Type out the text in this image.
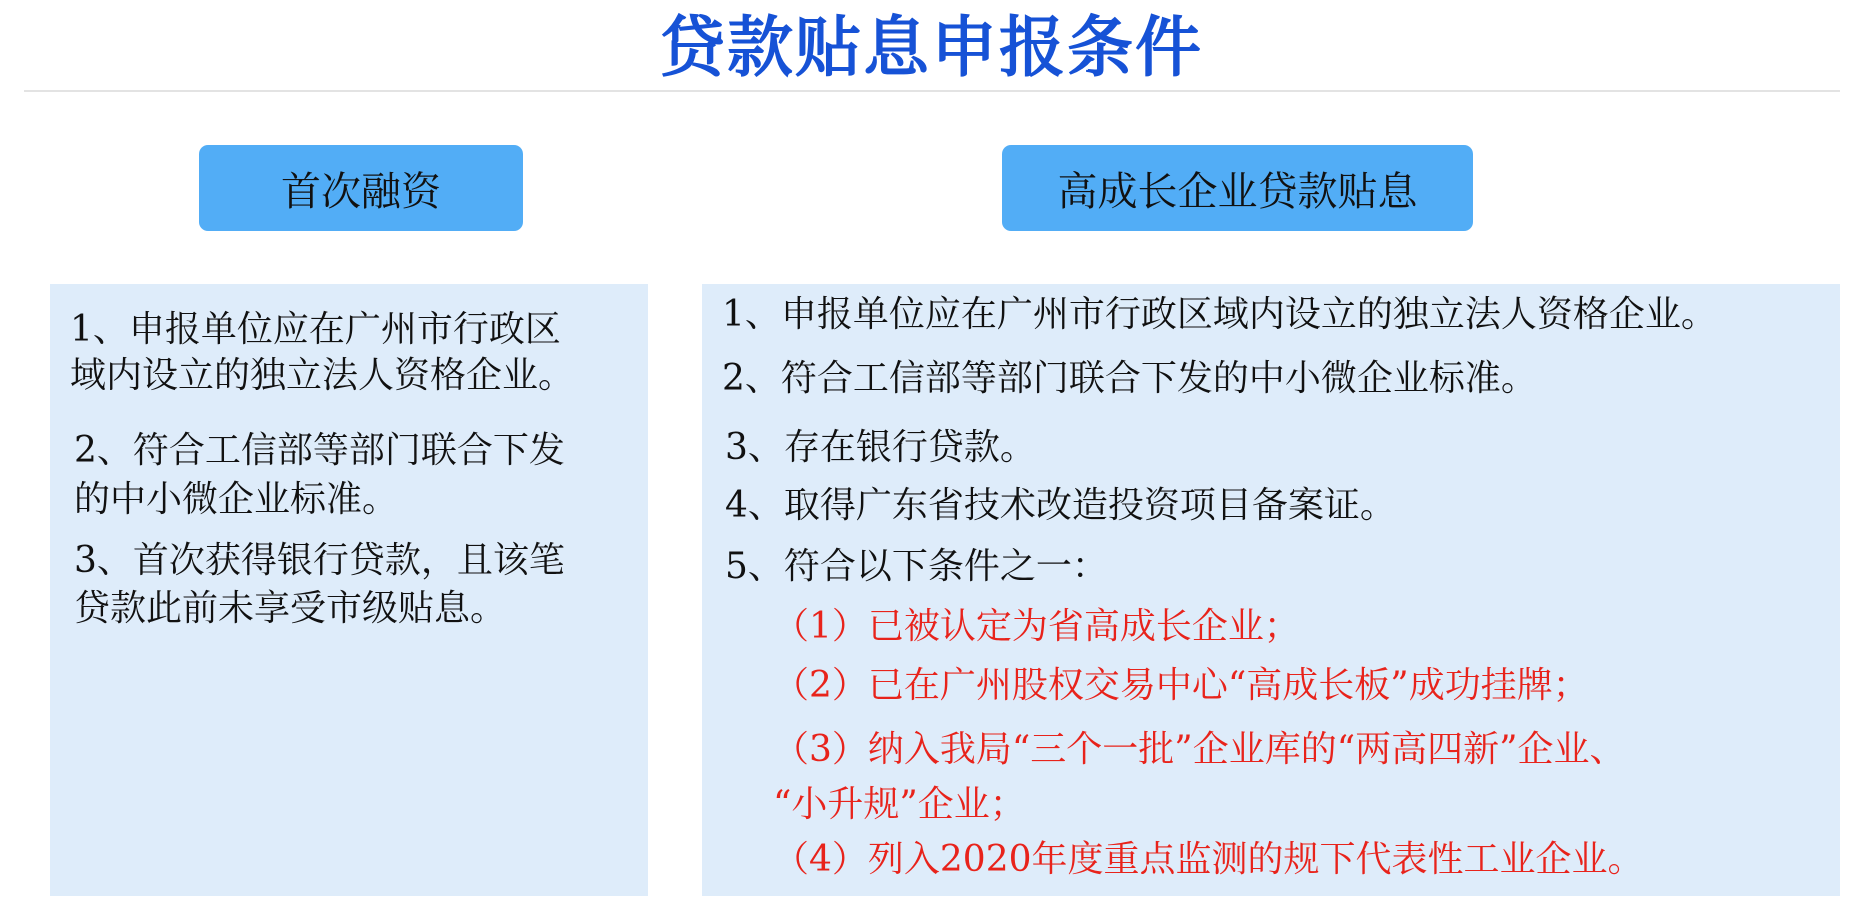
贷款贴息申报条件
首次融资	高成长企业贷款贴息
1、申报单位应在广州市行政区
域内设立的独立法人资格企业。
2、符合工信部等部门联合下发
的中小微企业标准。
3、首次获得银行贷款，且该笔
贷款此前未享受市级贴息。
1、申报单位应在广州市行政区域内设立的独立法人资格企业。
2、符合工信部等部门联合下发的中小微企业标准。
3、存在银行贷款。
4、取得广东省技术改造投资项目备案证。
5、符合以下条件之一：
（1）已被认定为省高成长企业；
（2）已在广州股权交易中心“高成长板”成功挂牌；
（3）纳入我局“三个一批”企业库的“两高四新”企业、
“小升规”企业；
（4）列入2020年度重点监测的规下代表性工业企业。
